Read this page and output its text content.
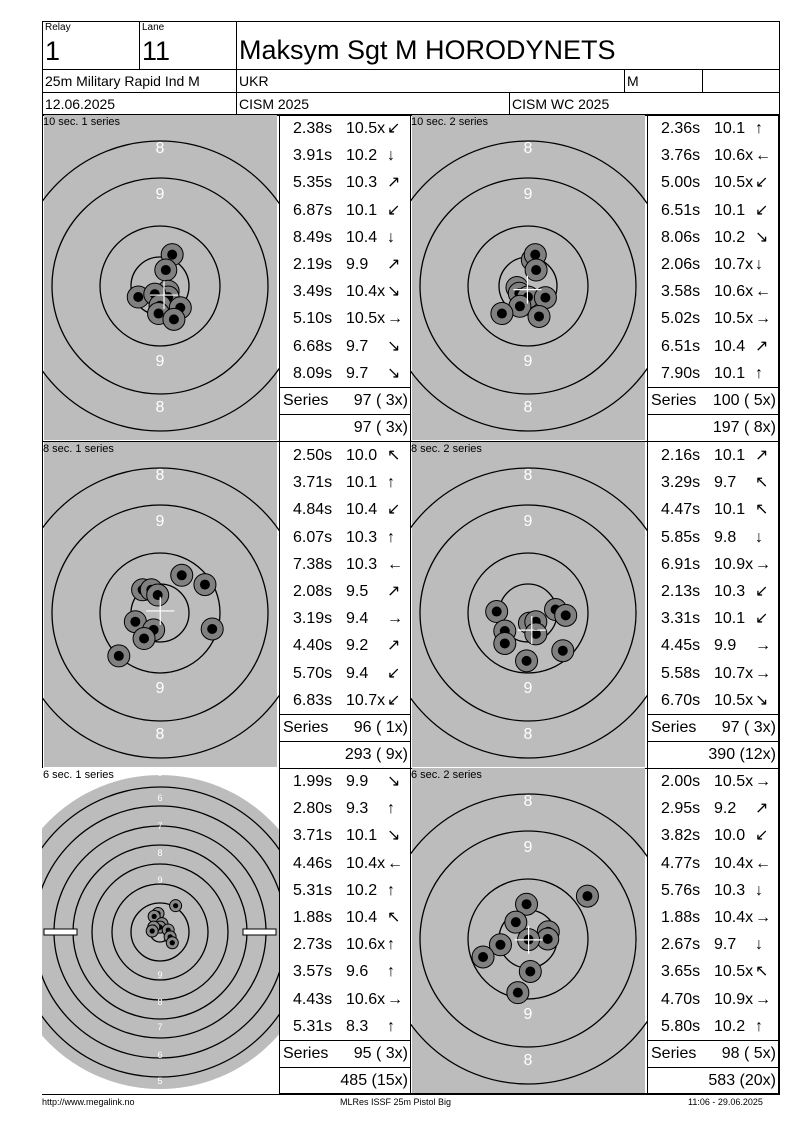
Relay
1
Lane
11	Maksym Sgt M HORODYNETS
25m Military Rapid Ind M	UKR	M
12.06.2025	CISM 2025	CISM WC 2025
8
9
9
8
10 sec. 1 series	2.38s 10.5x ↙
3.91s 10.2 ↓
5.35s 10.3 ↗
6.87s 10.1 ↙
8.49s 10.4 ↓
2.19s 9.9 ↗
3.49s 10.4x ↘
5.10s 10.5x →
6.68s 9.7 ↘
8.09s 9.7 ↘
Series 97 ( 3x)
97 ( 3x)
8
9
9
8
10 sec. 2 series	2.36s 10.1 ↑
3.76s 10.6x ←
5.00s 10.5x ↙
6.51s 10.1 ↙
8.06s 10.2 ↘
2.06s 10.7x ↓
3.58s 10.6x ←
5.02s 10.5x →
6.51s 10.4 ↗
7.90s 10.1 ↑
Series 100 ( 5x)
197 ( 8x)
8
9
9
8
8 sec. 1 series	2.50s 10.0 ↖
3.71s 10.1 ↑
4.84s 10.4 ↙
6.07s 10.3 ↑
7.38s 10.3 ←
2.08s 9.5 ↗
3.19s 9.4 →
4.40s 9.2 ↗
5.70s 9.4 ↙
6.83s 10.7x ↙
Series 96 ( 1x)
293 ( 9x)
8
9
9
8
8 sec. 2 series	2.16s 10.1 ↗
3.29s 9.7 ↖
4.47s 10.1 ↖
5.85s 9.8 ↓
6.91s 10.9x →
2.13s 10.3 ↙
3.31s 10.1 ↙
4.45s 9.9 →
5.58s 10.7x →
6.70s 10.5x ↘
Series 97 ( 3x)
390 (12x)
5
6
7
8
9
9
8
7
6
5
6 sec. 1 series	1.99s 9.9 ↘
2.80s 9.3 ↑
3.71s 10.1 ↘
4.46s 10.4x ←
5.31s 10.2 ↑
1.88s 10.4 ↖
2.73s 10.6x ↑
3.57s 9.6 ↑
4.43s 10.6x →
5.31s 8.3 ↑
Series 95 ( 3x)
485 (15x)
8
9
9
8
6 sec. 2 series	2.00s 10.5x →
2.95s 9.2 ↗
3.82s 10.0 ↙
4.77s 10.4x ←
5.76s 10.3 ↓
1.88s 10.4x →
2.67s 9.7 ↓
3.65s 10.5x ↖
4.70s 10.9x →
5.80s 10.2 ↑
Series 98 ( 5x)
583 (20x)
http://www.megalink.no	MLRes ISSF 25m Pistol Big	11:06 - 29.06.2025
